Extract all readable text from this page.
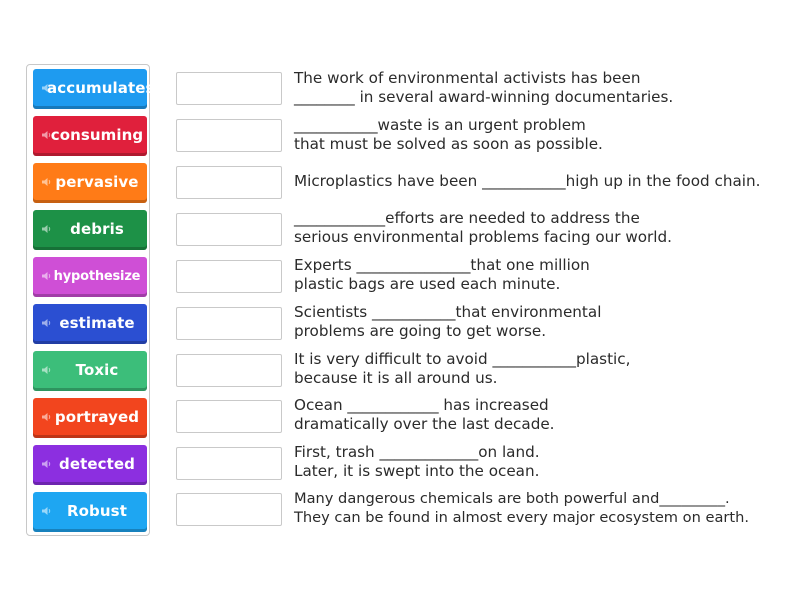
accumulates
consuming
pervasive
debris
hypothesize
estimate
Toxic
portrayed
detected
Robust
The work of environmental activists has been
________ in several award-winning documentaries.
___________waste is an urgent problem
that must be solved as soon as possible.
Microplastics have been ___________high up in the food chain.
____________efforts are needed to address the
serious environmental problems facing our world.
Experts _______________that one million
plastic bags are used each minute.
Scientists ___________that environmental
problems are going to get worse.
It is very difficult to avoid ___________plastic,
because it is all around us.
Ocean ____________ has increased
dramatically over the last decade.
First, trash _____________on land.
Later, it is swept into the ocean.
Many dangerous chemicals are both powerful and_________.
They can be found in almost every major ecosystem on earth.
